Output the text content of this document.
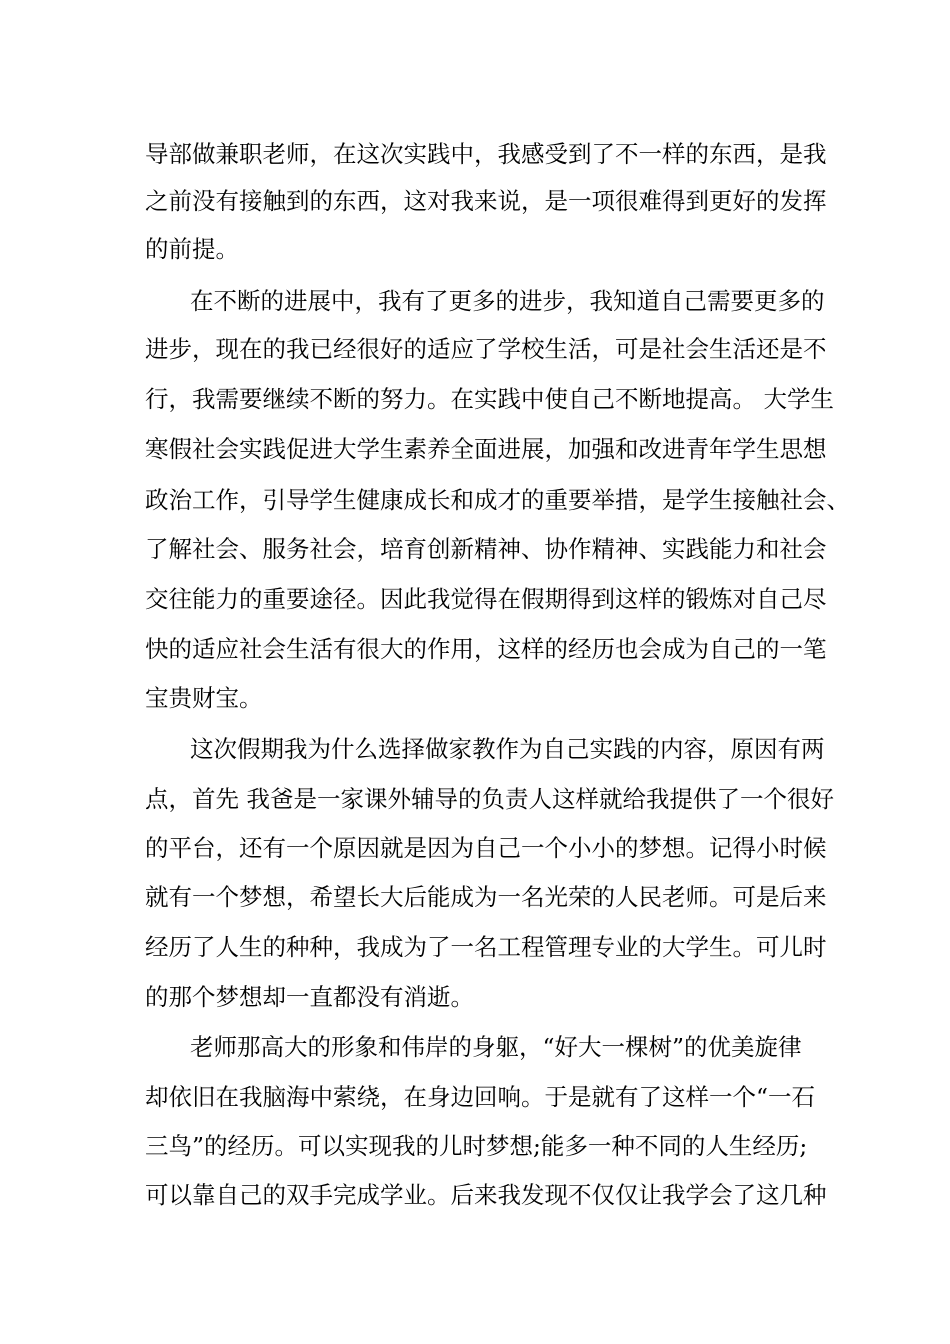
导部做兼职老师，在这次实践中，我感受到了不一样的东西，是我
之前没有接触到的东西，这对我来说，是一项很难得到更好的发挥
的前提。
在不断的进展中，我有了更多的进步，我知道自己需要更多的
进步，现在的我已经很好的适应了学校生活，可是社会生活还是不
行，我需要继续不断的努力。在实践中使自己不断地提高。 大学生
寒假社会实践促进大学生素养全面进展，加强和改进青年学生思想
政治工作，引导学生健康成长和成才的重要举措，是学生接触社会、
了解社会、服务社会，培育创新精神、协作精神、实践能力和社会
交往能力的重要途径。因此我觉得在假期得到这样的锻炼对自己尽
快的适应社会生活有很大的作用，这样的经历也会成为自己的一笔
宝贵财宝。
这次假期我为什么选择做家教作为自己实践的内容，原因有两
点，首先 我爸是一家课外辅导的负责人这样就给我提供了一个很好
的平台，还有一个原因就是因为自己一个小小的梦想。记得小时候
就有一个梦想，希望长大后能成为一名光荣的人民老师。可是后来
经历了人生的种种，我成为了一名工程管理专业的大学生。可儿时
的那个梦想却一直都没有消逝。
老师那高大的形象和伟岸的身躯，“好大一棵树”的优美旋律
却依旧在我脑海中萦绕，在身边回响。于是就有了这样一个“一石
三鸟”的经历。可以实现我的儿时梦想;能多一种不同的人生经历;
可以靠自己的双手完成学业。后来我发现不仅仅让我学会了这几种
